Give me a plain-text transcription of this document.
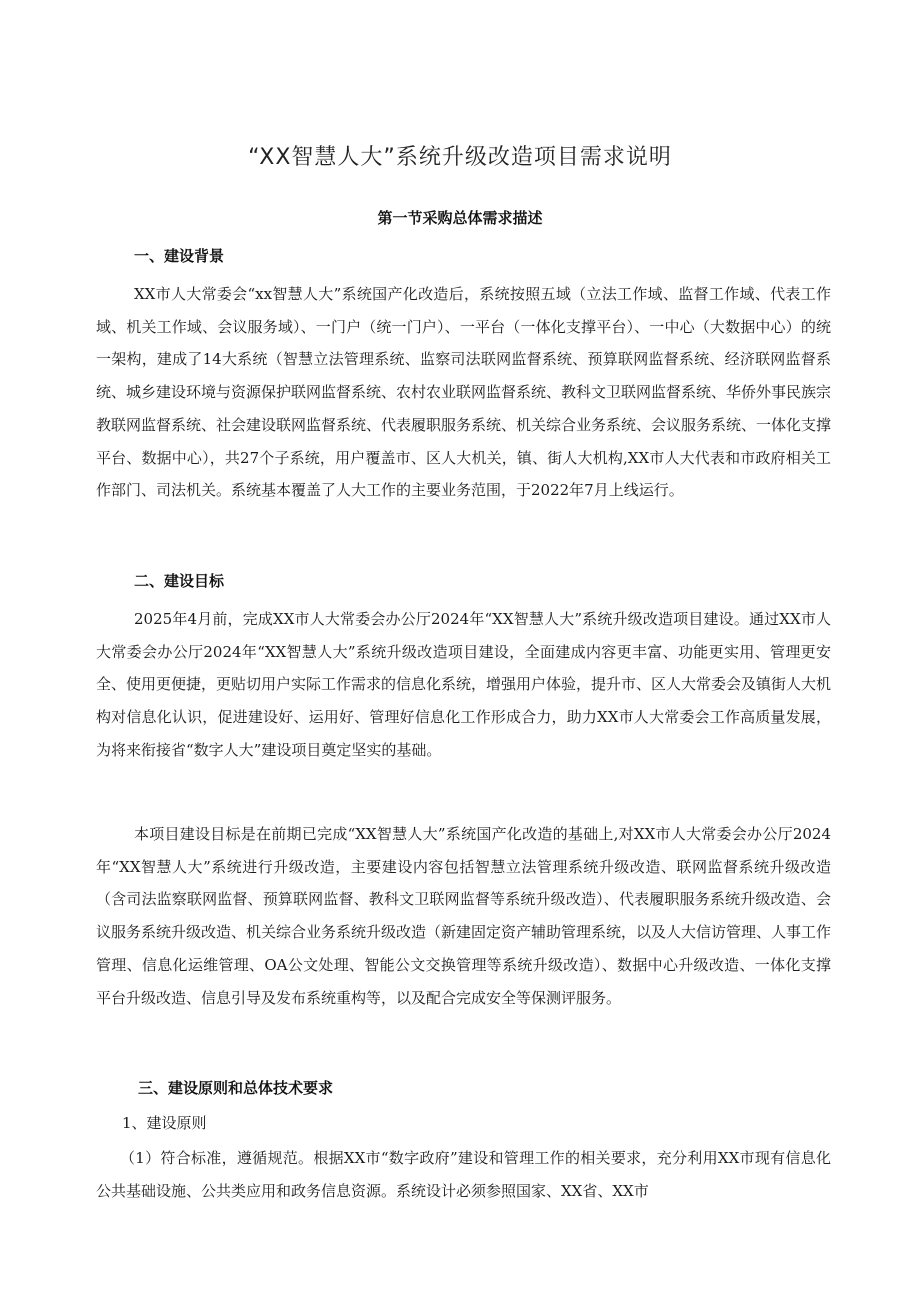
“XX智慧人大”系统升级改造项目需求说明
第一节采购总体需求描述
一、建设背景
XX市人大常委会“xx智慧人大”系统国产化改造后，系统按照五域（立法工作域、监督工作域、代表工作域、机关工作域、会议服务域）、一门户（统一门户）、一平台（一体化支撑平台）、一中心（大数据中心）的统一架构，建成了14大系统（智慧立法管理系统、监察司法联网监督系统、预算联网监督系统、经济联网监督系统、城乡建设环境与资源保护联网监督系统、农村农业联网监督系统、教科文卫联网监督系统、华侨外事民族宗教联网监督系统、社会建设联网监督系统、代表履职服务系统、机关综合业务系统、会议服务系统、一体化支撑平台、数据中心），共27个子系统，用户覆盖市、区人大机关，镇、街人大机构,XX市人大代表和市政府相关工作部门、司法机关。系统基本覆盖了人大工作的主要业务范围，于2022年7月上线运行。
二、建设目标
2025年4月前，完成XX市人大常委会办公厅2024年“XX智慧人大”系统升级改造项目建设。通过XX市人大常委会办公厅2024年“XX智慧人大”系统升级改造项目建设，全面建成内容更丰富、功能更实用、管理更安全、使用更便捷，更贴切用户实际工作需求的信息化系统，增强用户体验，提升市、区人大常委会及镇街人大机构对信息化认识，促进建设好、运用好、管理好信息化工作形成合力，助力XX市人大常委会工作高质量发展，为将来衔接省“数字人大”建设项目奠定坚实的基础。
本项目建设目标是在前期已完成“XX智慧人大”系统国产化改造的基础上,对XX市人大常委会办公厅2024年“XX智慧人大”系统进行升级改造，主要建设内容包括智慧立法管理系统升级改造、联网监督系统升级改造（含司法监察联网监督、预算联网监督、教科文卫联网监督等系统升级改造）、代表履职服务系统升级改造、会议服务系统升级改造、机关综合业务系统升级改造（新建固定资产辅助管理系统，以及人大信访管理、人事工作管理、信息化运维管理、OA公文处理、智能公文交换管理等系统升级改造）、数据中心升级改造、一体化支撑平台升级改造、信息引导及发布系统重构等，以及配合完成安全等保测评服务。
三、建设原则和总体技术要求
1、建设原则
（1）符合标准，遵循规范。根据XX市“数字政府”建设和管理工作的相关要求，充分利用XX市现有信息化公共基础设施、公共类应用和政务信息资源。系统设计必须参照国家、XX省、XX市
